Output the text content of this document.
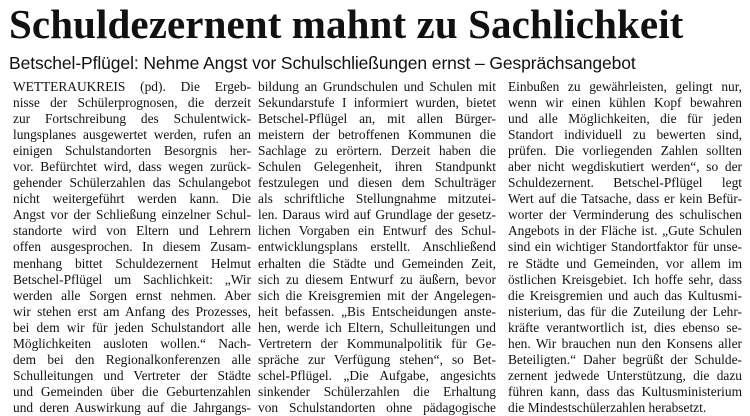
Schuldezernent mahnt zu Sachlichkeit
Betschel-Pflügel: Nehme Angst vor Schulschließungen ernst – Gesprächsangebot
WETTERAUKREIS (pd). Die Ergeb-
nisse der Schülerprognosen, die derzeit
zur Fortschreibung des Schulentwick-
lungsplanes ausgewertet werden, rufen an
einigen Schulstandorten Besorgnis her-
vor. Befürchtet wird, dass wegen zurück-
gehender Schülerzahlen das Schulangebot
nicht weitergeführt werden kann. Die
Angst vor der Schließung einzelner Schul-
standorte wird von Eltern und Lehrern
offen ausgesprochen. In diesem Zusam-
menhang bittet Schuldezernent Helmut
Betschel-Pflügel um Sachlichkeit: „Wir
werden alle Sorgen ernst nehmen. Aber
wir stehen erst am Anfang des Prozesses,
bei dem wir für jeden Schulstandort alle
Möglichkeiten ausloten wollen.“ Nach-
dem bei den Regionalkonferenzen alle
Schulleitungen und Vertreter der Städte
und Gemeinden über die Geburtenzahlen
und deren Auswirkung auf die Jahrgangs-
bildung an Grundschulen und Schulen mit
Sekundarstufe I informiert wurden, bietet
Betschel-Pflügel an, mit allen Bürger-
meistern der betroffenen Kommunen die
Sachlage zu erörtern. Derzeit haben die
Schulen Gelegenheit, ihren Standpunkt
festzulegen und diesen dem Schulträger
als schriftliche Stellungnahme mitzutei-
len. Daraus wird auf Grundlage der gesetz-
lichen Vorgaben ein Entwurf des Schul-
entwicklungsplans erstellt. Anschließend
erhalten die Städte und Gemeinden Zeit,
sich zu diesem Entwurf zu äußern, bevor
sich die Kreisgremien mit der Angelegen-
heit befassen. „Bis Entscheidungen anste-
hen, werde ich Eltern, Schulleitungen und
Vertretern der Kommunalpolitik für Ge-
spräche zur Verfügung stehen“, so Bet-
schel-Pflügel. „Die Aufgabe, angesichts
sinkender Schülerzahlen die Erhaltung
von Schulstandorten ohne pädagogische
Einbußen zu gewährleisten, gelingt nur,
wenn wir einen kühlen Kopf bewahren
und alle Möglichkeiten, die für jeden
Standort individuell zu bewerten sind,
prüfen. Die vorliegenden Zahlen sollten
aber nicht wegdiskutiert werden“, so der
Schuldezernent. Betschel-Pflügel legt
Wert auf die Tatsache, dass er kein Befür-
worter der Verminderung des schulischen
Angebots in der Fläche ist. „Gute Schulen
sind ein wichtiger Standortfaktor für unse-
re Städte und Gemeinden, vor allem im
östlichen Kreisgebiet. Ich hoffe sehr, dass
die Kreisgremien und auch das Kultusmi-
nisterium, das für die Zuteilung der Lehr-
kräfte verantwortlich ist, dies ebenso se-
hen. Wir brauchen nun den Konsens aller
Beteiligten.“ Daher begrüßt der Schulde-
zernent jedwede Unterstützung, die dazu
führen kann, dass das Kultusministerium
die Mindestschülerzahlen herabsetzt.
